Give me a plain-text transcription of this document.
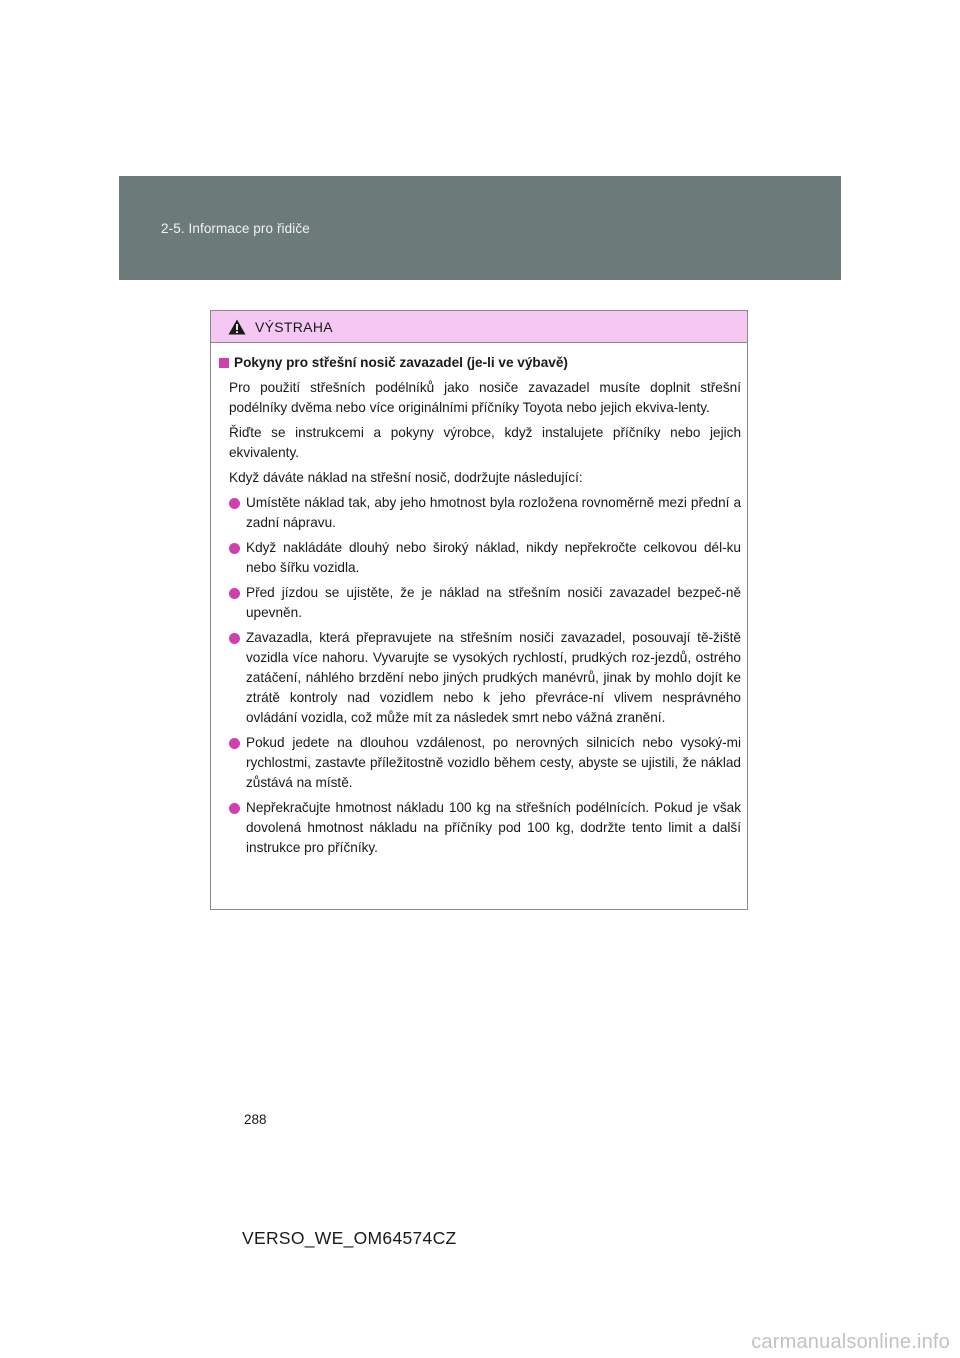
2-5. Informace pro řidiče
VÝSTRAHA
Pokyny pro střešní nosič zavazadel (je-li ve výbavě)

Pro použití střešních podélníků jako nosiče zavazadel musíte doplnit střešní podélníky dvěma nebo více originálními příčníky Toyota nebo jejich ekviva-lenty.

Řiďte se instrukcemi a pokyny výrobce, když instalujete příčníky nebo jejich ekvivalenty.

Když dáváte náklad na střešní nosič, dodržujte následující:

Umístěte náklad tak, aby jeho hmotnost byla rozložena rovnoměrně mezi přední a zadní nápravu.
Když nakládáte dlouhý nebo široký náklad, nikdy nepřekročte celkovou dél-ku nebo šířku vozidla.
Před jízdou se ujistěte, že je náklad na střešním nosiči zavazadel bezpeč-ně upevněn.
Zavazadla, která přepravujete na střešním nosiči zavazadel, posouvají tě-žiště vozidla více nahoru. Vyvarujte se vysokých rychlostí, prudkých roz-jezdů, ostrého zatáčení, náhlého brzdění nebo jiných prudkých manévrů, jinak by mohlo dojít ke ztrátě kontroly nad vozidlem nebo k jeho převráce-ní vlivem nesprávného ovládání vozidla, což může mít za následek smrt nebo vážná zranění.
Pokud jedete na dlouhou vzdálenost, po nerovných silnicích nebo vysoký-mi rychlostmi, zastavte příležitostně vozidlo během cesty, abyste se ujistili, že náklad zůstává na místě.
Nepřekračujte hmotnost nákladu 100 kg na střešních podélnících. Pokud je však dovolená hmotnost nákladu na příčníky pod 100 kg, dodržte tento limit a další instrukce pro příčníky.
288
VERSO_WE_OM64574CZ
carmanualsonline.info
